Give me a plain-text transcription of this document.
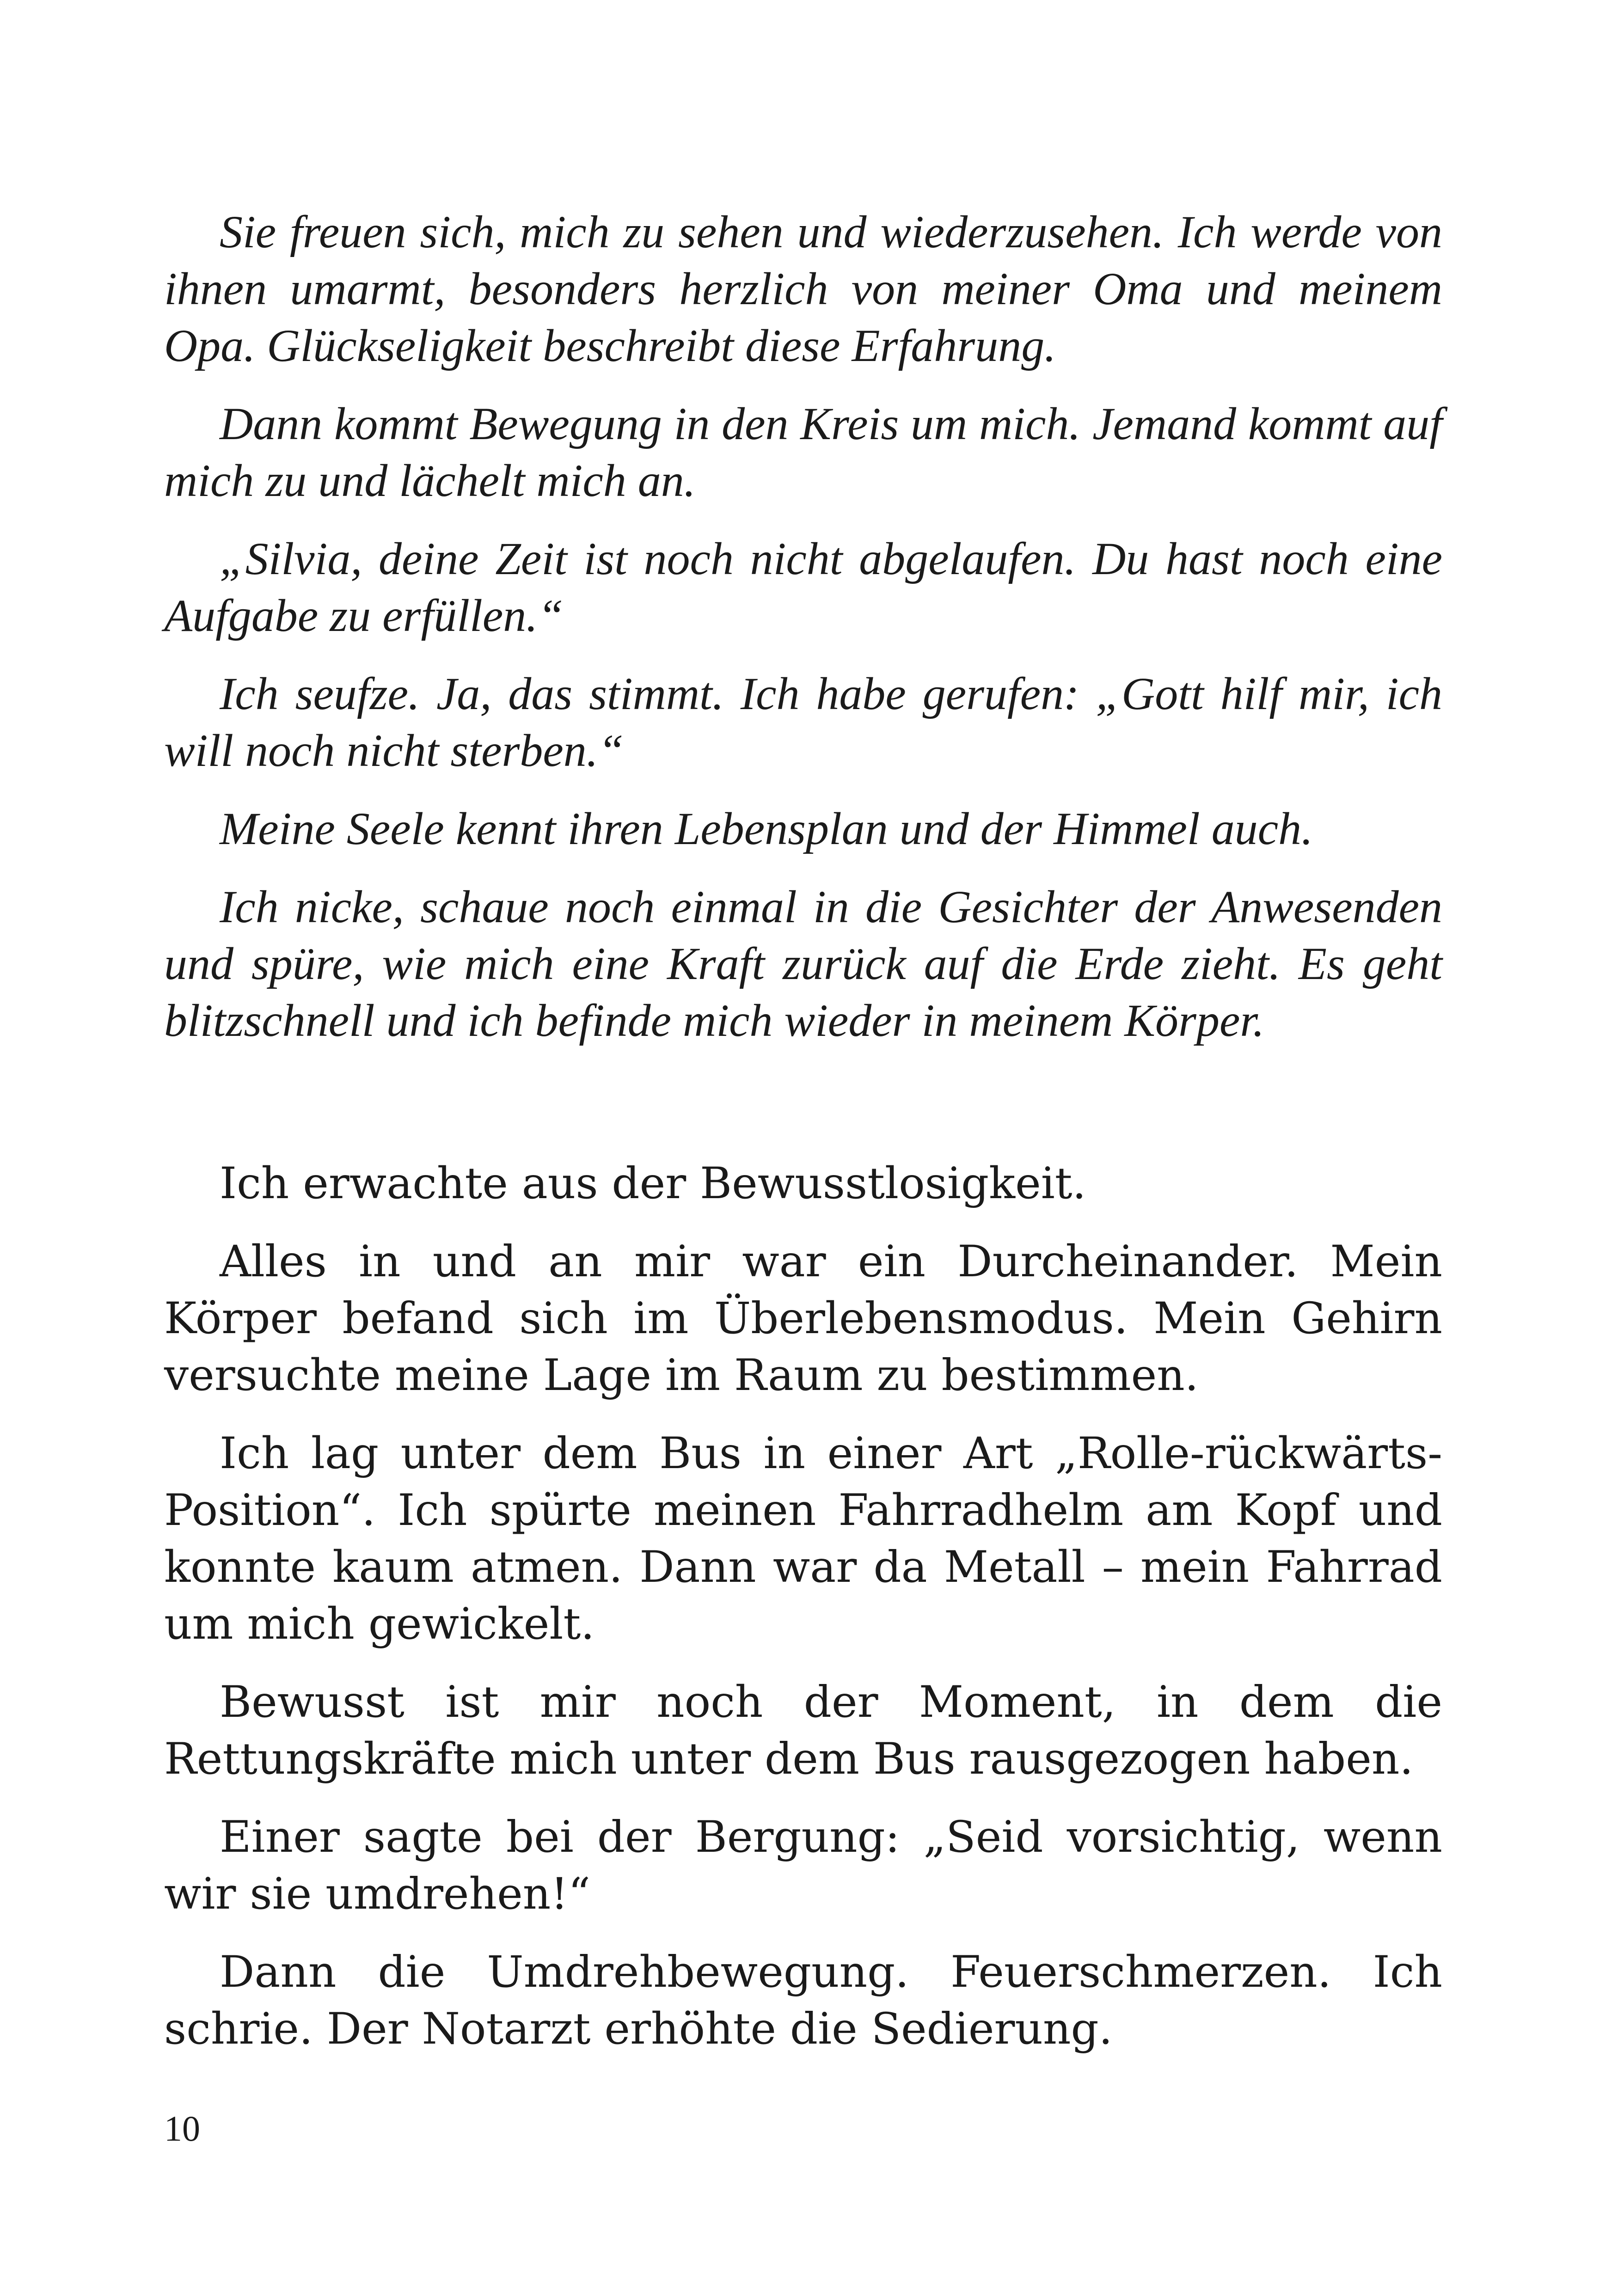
Sie freuen sich, mich zu sehen und wiederzusehen. Ich werde von ihnen umarmt, besonders herzlich von meiner Oma und meinem Opa. Glückseligkeit beschreibt diese Erfahrung.

Dann kommt Bewegung in den Kreis um mich. Jemand kommt auf mich zu und lächelt mich an.

„Silvia, deine Zeit ist noch nicht abgelaufen. Du hast noch eine Aufgabe zu erfüllen.“

Ich seufze. Ja, das stimmt. Ich habe gerufen: „Gott hilf mir, ich will noch nicht sterben.“

Meine Seele kennt ihren Lebensplan und der Himmel auch.

Ich nicke, schaue noch einmal in die Gesichter der Anwesenden und spüre, wie mich eine Kraft zurück auf die Erde zieht. Es geht blitzschnell und ich befinde mich wieder in meinem Körper.

Ich erwachte aus der Bewusstlosigkeit.

Alles in und an mir war ein Durcheinander. Mein Körper befand sich im Überlebensmodus. Mein Gehirn versuchte meine Lage im Raum zu bestimmen.

Ich lag unter dem Bus in einer Art „Rolle-rückwärts-Position“. Ich spürte meinen Fahrradhelm am Kopf und konnte kaum atmen. Dann war da Metall – mein Fahrrad um mich gewickelt.

Bewusst ist mir noch der Moment, in dem die Rettungskräfte mich unter dem Bus rausgezogen haben.

Einer sagte bei der Bergung: „Seid vorsichtig, wenn wir sie umdrehen!“

Dann die Umdrehbewegung. Feuerschmerzen. Ich schrie. Der Notarzt erhöhte die Sedierung.

10
